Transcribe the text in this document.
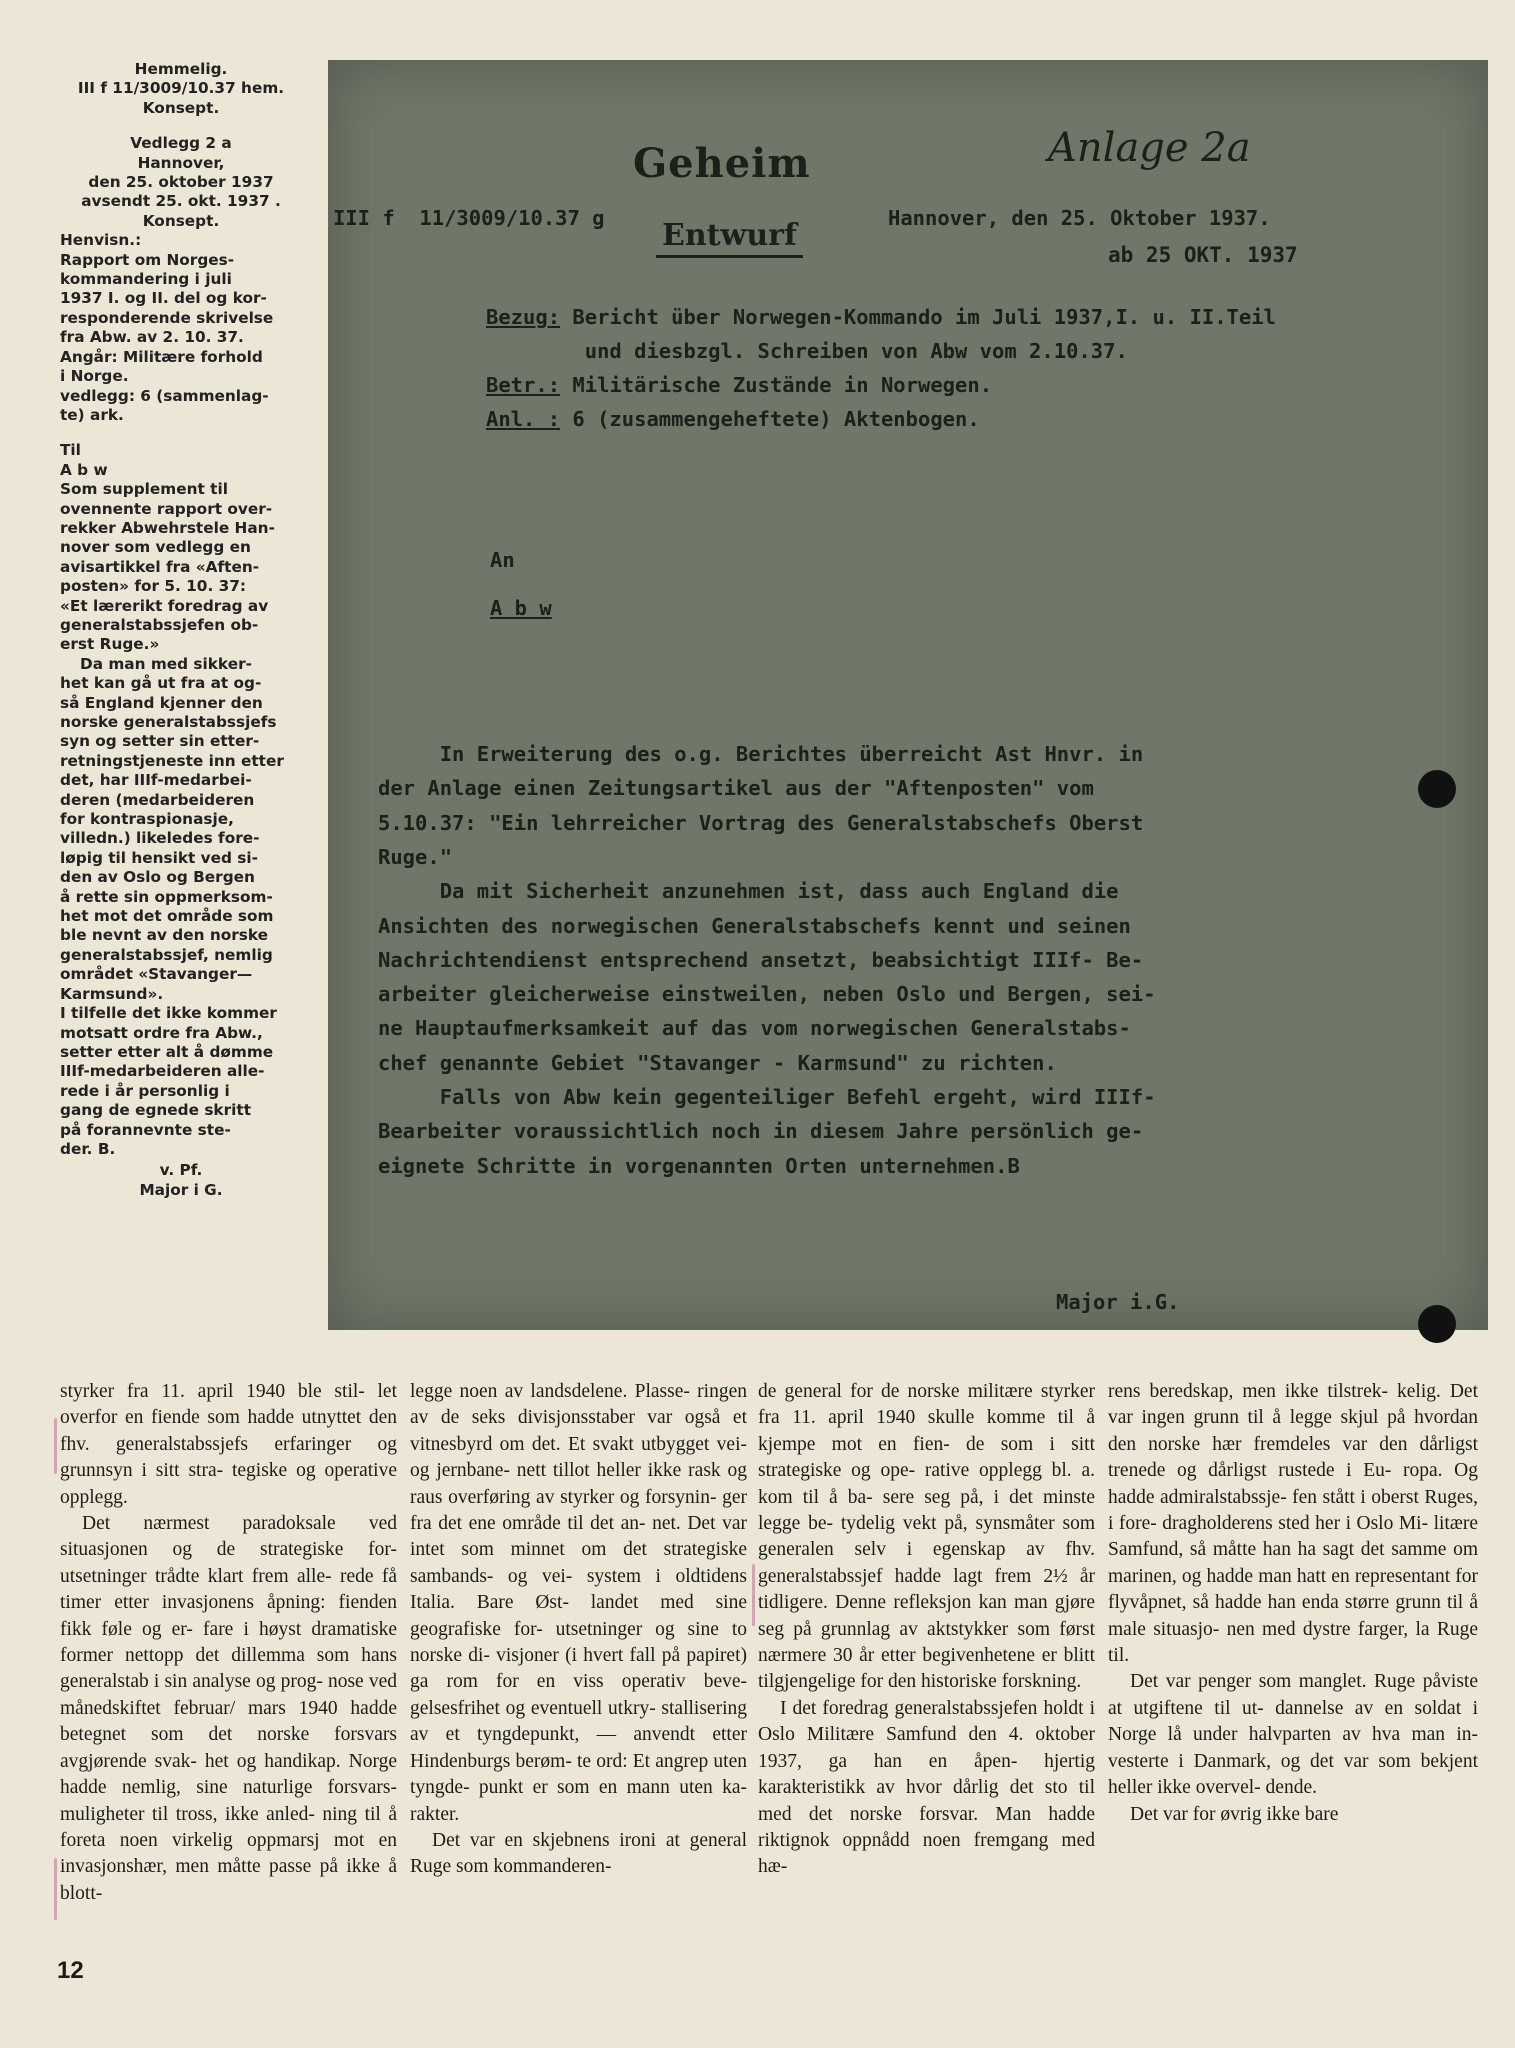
Hemmelig.
III f 11/3009/10.37 hem.
Konsept.
Vedlegg 2 a
Hannover,
den 25. oktober 1937
avsendt 25. okt. 1937 .
Konsept.
Henvisn.:
Rapport om Norges-
kommandering i juli
1937 I. og II. del og kor-
responderende skrivelse
fra Abw. av 2. 10. 37.
Angår: Militære forhold
i Norge.
vedlegg: 6 (sammenlag-
te) ark.
Til
A b w
Som supplement til
ovennente rapport over-
rekker Abwehrstele Han-
nover som vedlegg en
avisartikkel fra «Aften-
posten» for 5. 10. 37:
«Et lærerikt foredrag av
generalstabssjefen ob-
erst Ruge.»
Da man med sikker-
het kan gå ut fra at og-
så England kjenner den
norske generalstabssjefs
syn og setter sin etter-
retningstjeneste inn etter
det, har IIIf-medarbei-
deren (medarbeideren
for kontraspionasje,
villedn.) likeledes fore-
løpig til hensikt ved si-
den av Oslo og Bergen
å rette sin oppmerksom-
het mot det område som
ble nevnt av den norske
generalstabssjef, nemlig
området «Stavanger—
Karmsund».
I tilfelle det ikke kommer
motsatt ordre fra Abw.,
setter etter alt å dømme
IIIf-medarbeideren alle-
rede i år personlig i
gang de egnede skritt
på forannevnte ste-
der. B.
v. Pf.
Major i G.
Geheim	Anlage 2a
III f  11/3009/10.37 g	Hannover, den 25. Oktober 1937.
Entwurf
ab 25 OKT. 1937
Bezug: Bericht über Norwegen-Kommando im Juli 1937,I. u. II.Teil
und diesbzgl. Schreiben von Abw vom 2.10.37.
Betr.: Militärische Zustände in Norwegen.
Anl. : 6 (zusammengeheftete) Aktenbogen.
An
A b w
In Erweiterung des o.g. Berichtes überreicht Ast Hnvr. in
der Anlage einen Zeitungsartikel aus der "Aftenposten" vom
5.10.37: "Ein lehrreicher Vortrag des Generalstabschefs Oberst
Ruge."
Da mit Sicherheit anzunehmen ist, dass auch England die
Ansichten des norwegischen Generalstabschefs kennt und seinen
Nachrichtendienst entsprechend ansetzt, beabsichtigt IIIf- Be-
arbeiter gleicherweise einstweilen, neben Oslo und Bergen, sei-
ne Hauptaufmerksamkeit auf das vom norwegischen Generalstabs-
chef genannte Gebiet "Stavanger - Karmsund" zu richten.
Falls von Abw kein gegenteiliger Befehl ergeht, wird IIIf-
Bearbeiter voraussichtlich noch in diesem Jahre persönlich ge-
eignete Schritte in vorgenannten Orten unternehmen.B
Major i.G.

styrker fra 11. april 1940 ble stil- let overfor en fiende som hadde utnyttet den fhv. generalstabssjefs erfaringer og grunnsyn i sitt stra- tegiske og operative opplegg.

Det nærmest paradoksale ved situasjonen og de strategiske for- utsetninger trådte klart frem alle- rede få timer etter invasjonens åpning: fienden fikk føle og er- fare i høyst dramatiske former nettopp det dillemma som hans generalstab i sin analyse og prog- nose ved månedskiftet februar/ mars 1940 hadde betegnet som det norske forsvars avgjørende svak- het og handikap. Norge hadde nemlig, sine naturlige forsvars- muligheter til tross, ikke anled- ning til å foreta noen virkelig oppmarsj mot en invasjonshær, men måtte passe på ikke å blott-

legge noen av landsdelene. Plasse- ringen av de seks divisjonsstaber var også et vitnesbyrd om det. Et svakt utbygget vei- og jernbane- nett tillot heller ikke rask og raus overføring av styrker og forsynin- ger fra det ene område til det an- net. Det var intet som minnet om det strategiske sambands- og vei- system i oldtidens Italia. Bare Øst- landet med sine geografiske for- utsetninger og sine to norske di- visjoner (i hvert fall på papiret) ga rom for en viss operativ beve- gelsesfrihet og eventuell utkry- stallisering av et tyngdepunkt, — anvendt etter Hindenburgs berøm- te ord: Et angrep uten tyngde- punkt er som en mann uten ka- rakter.

Det var en skjebnens ironi at general Ruge som kommanderen-

de general for de norske militære styrker fra 11. april 1940 skulle komme til å kjempe mot en fien- de som i sitt strategiske og ope- rative opplegg bl. a. kom til å ba- sere seg på, i det minste legge be- tydelig vekt på, synsmåter som generalen selv i egenskap av fhv. generalstabssjef hadde lagt frem 2½ år tidligere. Denne refleksjon kan man gjøre seg på grunnlag av aktstykker som først nærmere 30 år etter begivenhetene er blitt tilgjengelige for den historiske forskning.

I det foredrag generalstabssjefen holdt i Oslo Militære Samfund den 4. oktober 1937, ga han en åpen- hjertig karakteristikk av hvor dårlig det sto til med det norske forsvar. Man hadde riktignok oppnådd noen fremgang med hæ-

rens beredskap, men ikke tilstrek- kelig. Det var ingen grunn til å legge skjul på hvordan den norske hær fremdeles var den dårligst trenede og dårligst rustede i Eu- ropa. Og hadde admiralstabssje- fen stått i oberst Ruges, i fore- dragholderens sted her i Oslo Mi- litære Samfund, så måtte han ha sagt det samme om marinen, og hadde man hatt en representant for flyvåpnet, så hadde han enda større grunn til å male situasjo- nen med dystre farger, la Ruge til.

Det var penger som manglet. Ruge påviste at utgiftene til ut- dannelse av en soldat i Norge lå under halvparten av hva man in- vesterte i Danmark, og det var som bekjent heller ikke overvel- dende.

Det var for øvrig ikke bare

12
